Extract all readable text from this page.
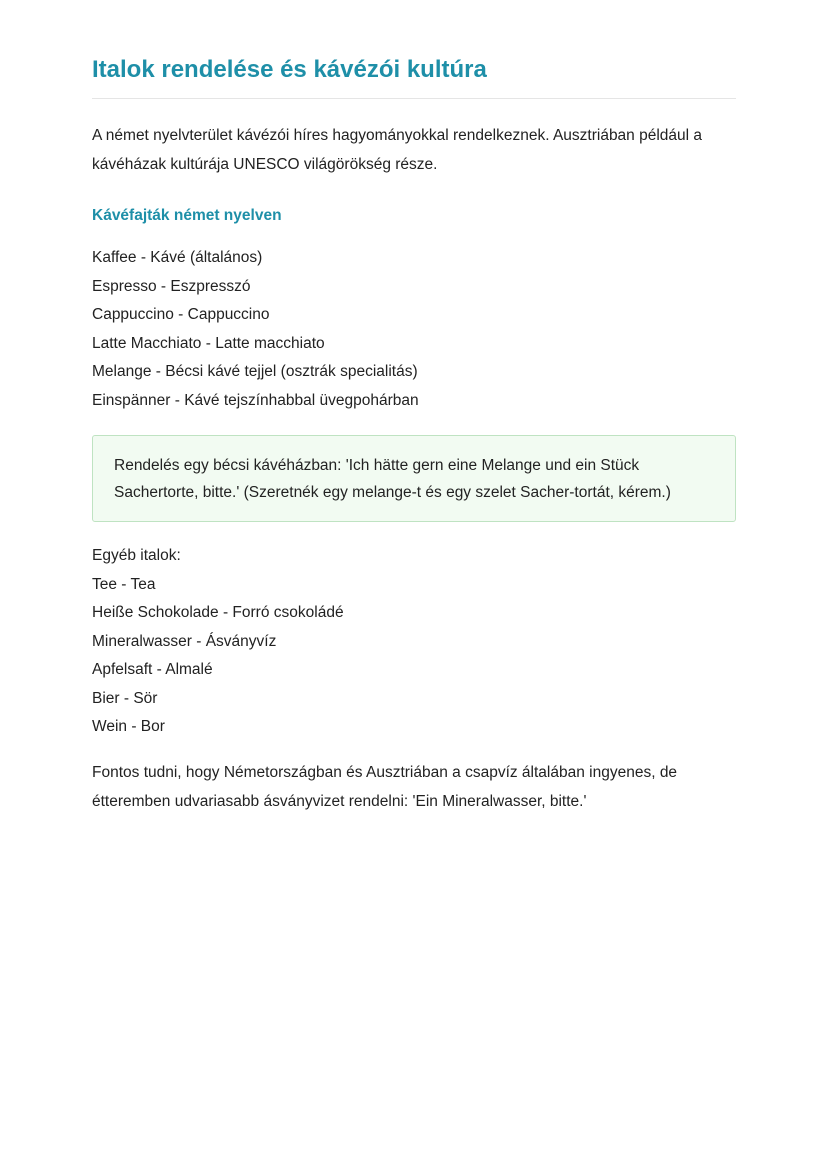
Italok rendelése és kávézói kultúra

A német nyelvterület kávézói híres hagyományokkal rendelkeznek. Ausztriában például a kávéházak kultúrája UNESCO világörökség része.

Kávéfajták német nyelven
Kaffee - Kávé (általános)
Espresso - Eszpresszó
Cappuccino - Cappuccino
Latte Macchiato - Latte macchiato
Melange - Bécsi kávé tejjel (osztrák specialitás)
Einspänner - Kávé tejszínhabbal üvegpohárban
Rendelés egy bécsi kávéházban: 'Ich hätte gern eine Melange und ein Stück Sachertorte, bitte.' (Szeretnék egy melange-t és egy szelet Sacher-tortát, kérem.)

Egyéb italok:

Tee - Tea
Heiße Schokolade - Forró csokoládé
Mineralwasser - Ásványvíz
Apfelsaft - Almalé
Bier - Sör
Wein - Bor

Fontos tudni, hogy Németországban és Ausztriában a csapvíz általában ingyenes, de étteremben udvariasabb ásványvizet rendelni: 'Ein Mineralwasser, bitte.'
